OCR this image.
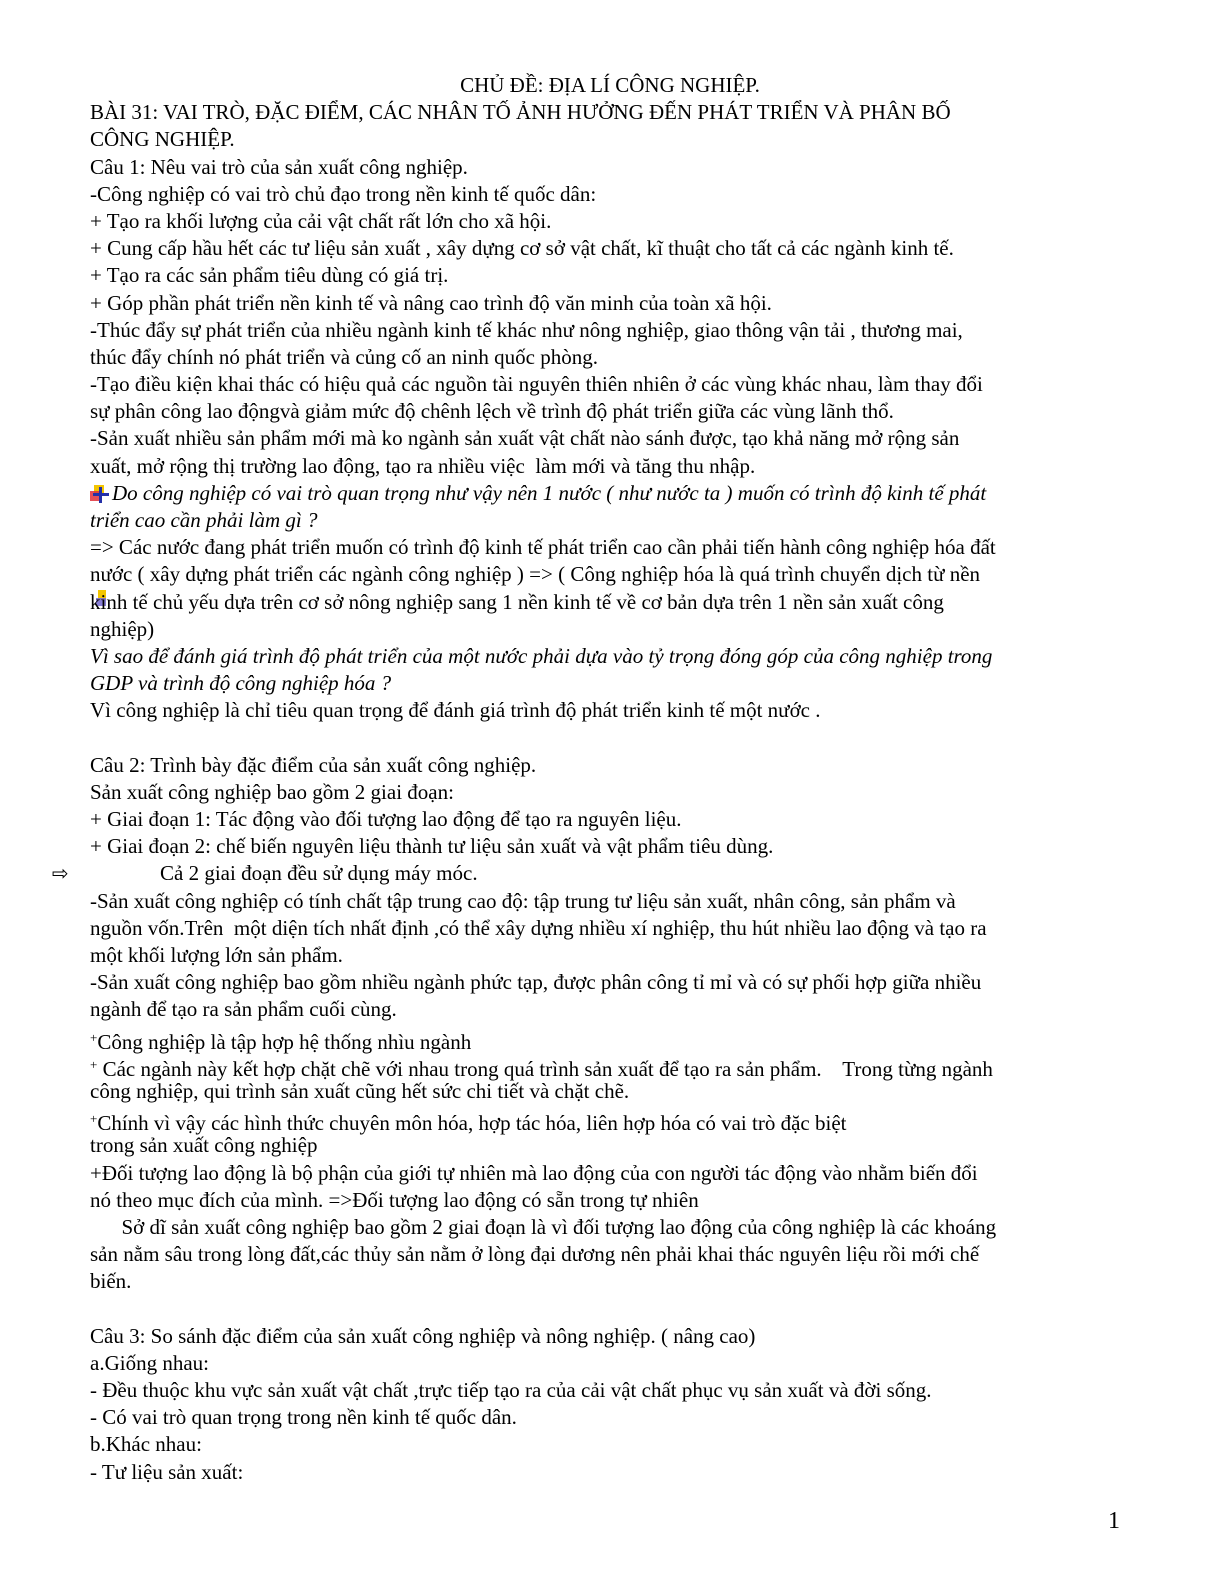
CHỦ ĐỀ: ĐỊA LÍ CÔNG NGHIỆP.
BÀI 31: VAI TRÒ, ĐẶC ĐIỂM, CÁC NHÂN TỐ ẢNH HƯỞNG ĐẾN PHÁT TRIỂN VÀ PHÂN BỐ
CÔNG NGHIỆP.
Câu 1: Nêu vai trò của sản xuất công nghiệp.
-Công nghiệp có vai trò chủ đạo trong nền kinh tế quốc dân:
+ Tạo ra khối lượng của cải vật chất rất lớn cho xã hội.
+ Cung cấp hầu hết các tư liệu sản xuất , xây dựng cơ sở vật chất, kĩ thuật cho tất cả các ngành kinh tế.
+ Tạo ra các sản phẩm tiêu dùng có giá trị.
+ Góp phần phát triển nền kinh tế và nâng cao trình độ văn minh của toàn xã hội.
-Thúc đẩy sự phát triển của nhiều ngành kinh tế khác như nông nghiệp, giao thông vận tải , thương mai,
thúc đẩy chính nó phát triển và củng cố an ninh quốc phòng.
-Tạo điều kiện khai thác có hiệu quả các nguồn tài nguyên thiên nhiên ở các vùng khác nhau, làm thay đổi
sự phân công lao độngvà giảm mức độ chênh lệch về trình độ phát triển giữa các vùng lãnh thổ.
-Sản xuất nhiều sản phẩm mới mà ko ngành sản xuất vật chất nào sánh được, tạo khả năng mở rộng sản
xuất, mở rộng thị trường lao động, tạo ra nhiều việc  làm mới và tăng thu nhập.
Do công nghiệp có vai trò quan trọng như vậy nên 1 nước ( như nước ta ) muốn có trình độ kinh tế phát
triển cao cần phải làm gì ?
=> Các nước đang phát triển muốn có trình độ kinh tế phát triển cao cần phải tiến hành công nghiệp hóa đất
nước ( xây dựng phát triển các ngành công nghiệp ) => ( Công nghiệp hóa là quá trình chuyển dịch từ nền
kinh tế chủ yếu dựa trên cơ sở nông nghiệp sang 1 nền kinh tế về cơ bản dựa trên 1 nền sản xuất công
nghiệp)
Vì sao để đánh giá trình độ phát triển của một nước phải dựa vào tỷ trọng đóng góp của công nghiệp trong
GDP và trình độ công nghiệp hóa ?
Vì công nghiệp là chỉ tiêu quan trọng để đánh giá trình độ phát triển kinh tế một nước .
Câu 2: Trình bày đặc điểm của sản xuất công nghiệp.
Sản xuất công nghiệp bao gồm 2 giai đoạn:
+ Giai đoạn 1: Tác động vào đối tượng lao động để tạo ra nguyên liệu.
+ Giai đoạn 2: chế biến nguyên liệu thành tư liệu sản xuất và vật phẩm tiêu dùng.
⇨	Cả 2 giai đoạn đều sử dụng máy móc.
-Sản xuất công nghiệp có tính chất tập trung cao độ: tập trung tư liệu sản xuất, nhân công, sản phẩm và
nguồn vốn.Trên  một diện tích nhất định ,có thể xây dựng nhiều xí nghiệp, thu hút nhiều lao động và tạo ra
một khối lượng lớn sản phẩm.
-Sản xuất công nghiệp bao gồm nhiều ngành phức tạp, được phân công tỉ mỉ và có sự phối hợp giữa nhiều
ngành để tạo ra sản phẩm cuối cùng.
+Công nghiệp là tập hợp hệ thống nhìu ngành
+ Các ngành này kết hợp chặt chẽ với nhau trong quá trình sản xuất để tạo ra sản phẩm.    Trong từng ngành
công nghiệp, qui trình sản xuất cũng hết sức chi tiết và chặt chẽ.
+Chính vì vậy các hình thức chuyên môn hóa, hợp tác hóa, liên hợp hóa có vai trò đặc biệt
trong sản xuất công nghiệp
+Đối tượng lao động là bộ phận của giới tự nhiên mà lao động của con người tác động vào nhằm biến đổi
nó theo mục đích của mình. =>Đối tượng lao động có sẵn trong tự nhiên
Sở dĩ sản xuất công nghiệp bao gồm 2 giai đoạn là vì đối tượng lao động của công nghiệp là các khoáng
sản nằm sâu trong lòng đất,các thủy sản nằm ở lòng đại dương nên phải khai thác nguyên liệu rồi mới chế
biến.
Câu 3: So sánh đặc điểm của sản xuất công nghiệp và nông nghiệp. ( nâng cao)
a.Giống nhau:
- Đều thuộc khu vực sản xuất vật chất ,trực tiếp tạo ra của cải vật chất phục vụ sản xuất và đời sống.
- Có vai trò quan trọng trong nền kinh tế quốc dân.
b.Khác nhau:
- Tư liệu sản xuất:
1
